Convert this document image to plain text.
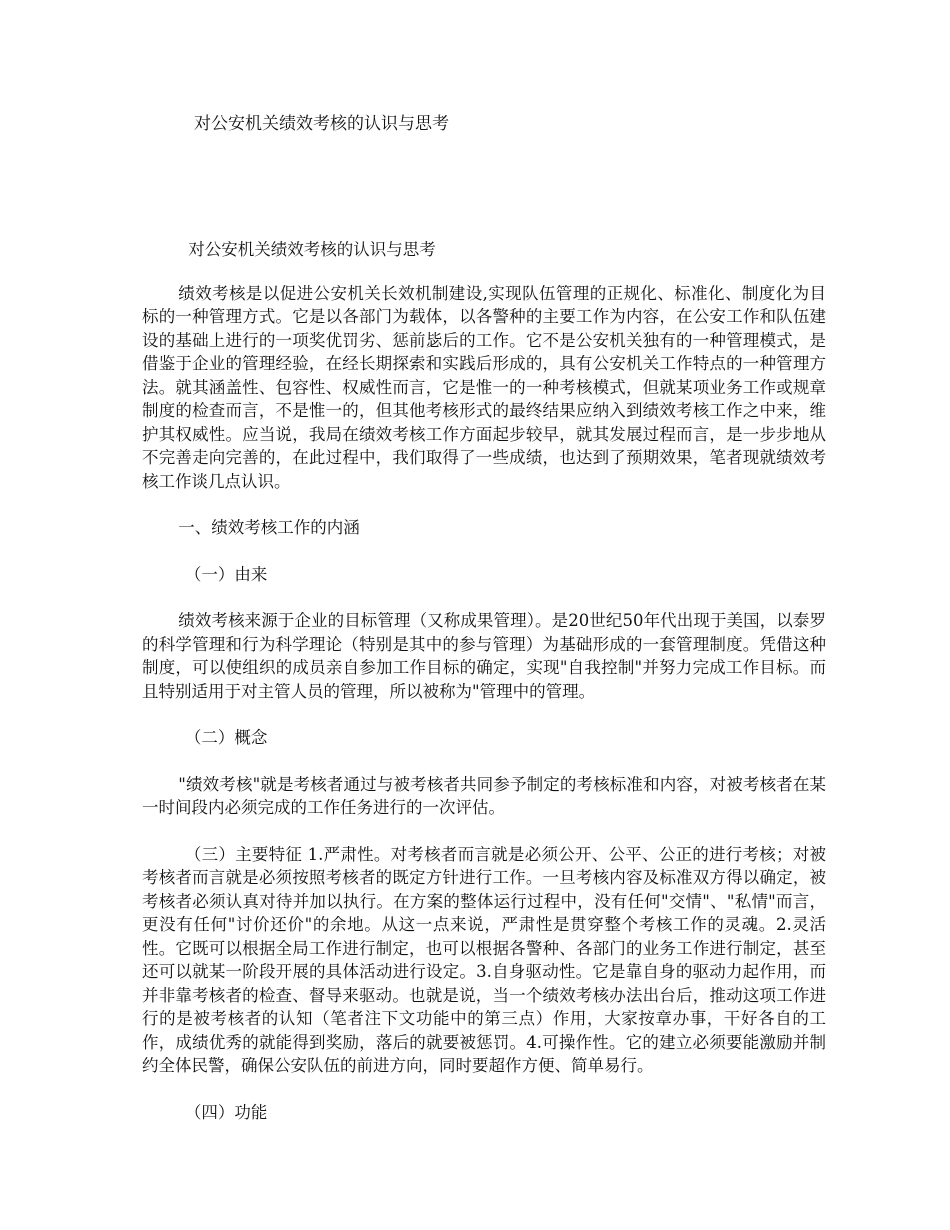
对公安机关绩效考核的认识与思考

对公安机关绩效考核的认识与思考

绩效考核是以促进公安机关长效机制建设,实现队伍管理的正规化、标准化、制度化为目标的一种管理方式。它是以各部门为载体，以各警种的主要工作为内容，在公安工作和队伍建设的基础上进行的一项奖优罚劣、惩前毖后的工作。它不是公安机关独有的一种管理模式，是借鉴于企业的管理经验，在经长期探索和实践后形成的，具有公安机关工作特点的一种管理方法。就其涵盖性、包容性、权威性而言，它是惟一的一种考核模式，但就某项业务工作或规章制度的检查而言，不是惟一的，但其他考核形式的最终结果应纳入到绩效考核工作之中来，维护其权威性。应当说，我局在绩效考核工作方面起步较早，就其发展过程而言，是一步步地从不完善走向完善的，在此过程中，我们取得了一些成绩，也达到了预期效果，笔者现就绩效考核工作谈几点认识。

一、绩效考核工作的内涵

（一）由来

绩效考核来源于企业的目标管理（又称成果管理）。是20世纪50年代出现于美国，以泰罗的科学管理和行为科学理论（特别是其中的参与管理）为基础形成的一套管理制度。凭借这种制度，可以使组织的成员亲自参加工作目标的确定，实现"自我控制"并努力完成工作目标。而且特别适用于对主管人员的管理，所以被称为"管理中的管理。

（二）概念

"绩效考核"就是考核者通过与被考核者共同参予制定的考核标准和内容，对被考核者在某一时间段内必须完成的工作任务进行的一次评估。

（三）主要特征 1.严肃性。对考核者而言就是必须公开、公平、公正的进行考核；对被考核者而言就是必须按照考核者的既定方针进行工作。一旦考核内容及标准双方得以确定，被考核者必须认真对待并加以执行。在方案的整体运行过程中，没有任何"交情"、"私情"而言，更没有任何"讨价还价"的余地。从这一点来说，严肃性是贯穿整个考核工作的灵魂。2.灵活性。它既可以根据全局工作进行制定，也可以根据各警种、各部门的业务工作进行制定，甚至还可以就某一阶段开展的具体活动进行设定。3.自身驱动性。它是靠自身的驱动力起作用，而并非靠考核者的检查、督导来驱动。也就是说，当一个绩效考核办法出台后，推动这项工作进行的是被考核者的认知（笔者注下文功能中的第三点）作用，大家按章办事，干好各自的工作，成绩优秀的就能得到奖励，落后的就要被惩罚。4.可操作性。它的建立必须要能激励并制约全体民警，确保公安队伍的前进方向，同时要超作方便、简单易行。

（四）功能
